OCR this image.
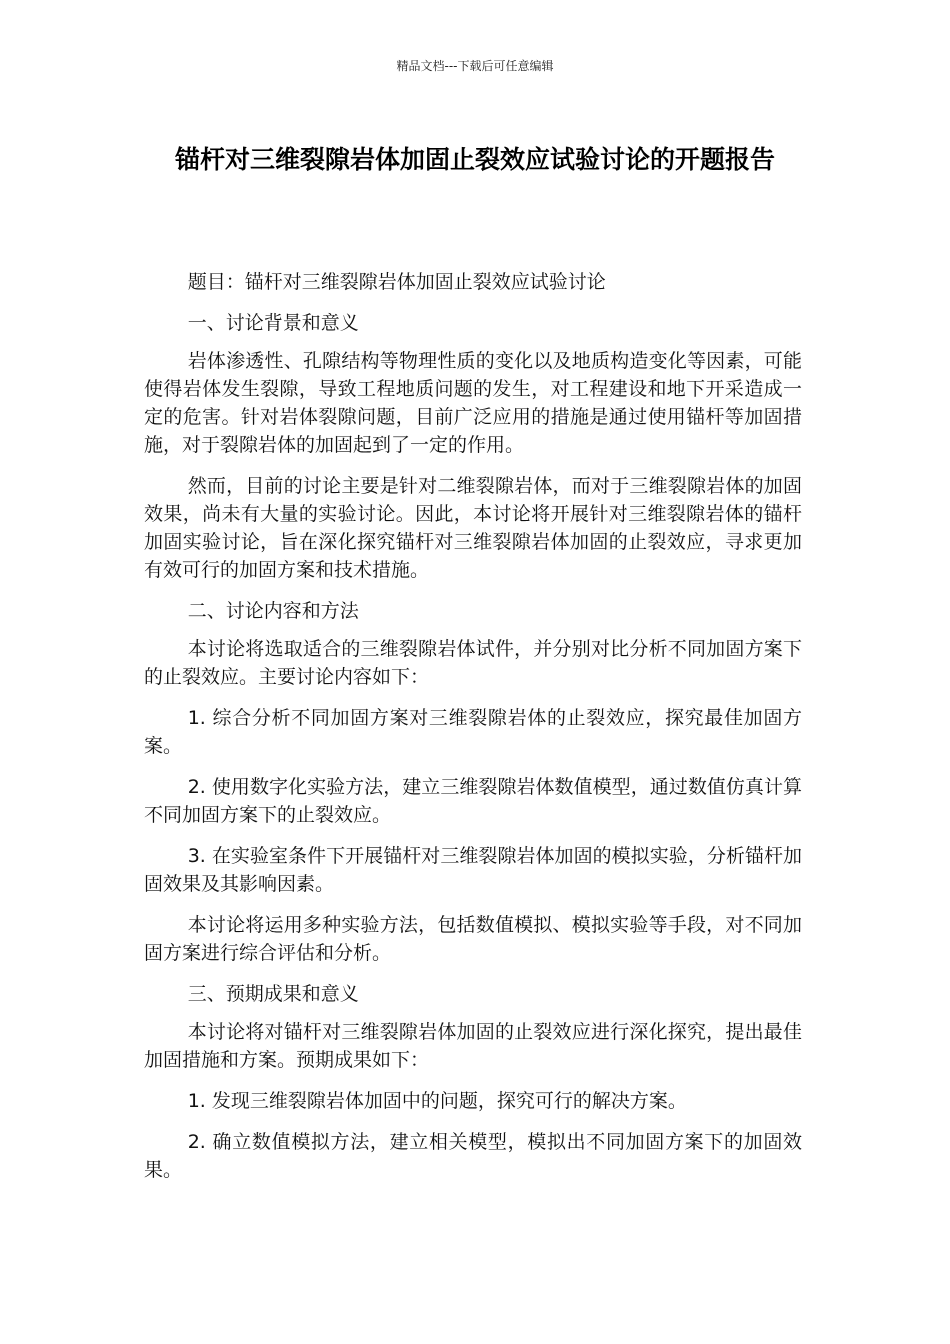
精品文档---下载后可任意编辑
锚杆对三维裂隙岩体加固止裂效应试验讨论的开题报告

题目：锚杆对三维裂隙岩体加固止裂效应试验讨论

一、讨论背景和意义

岩体渗透性、孔隙结构等物理性质的变化以及地质构造变化等因素，可能使得岩体发生裂隙，导致工程地质问题的发生，对工程建设和地下开采造成一定的危害。针对岩体裂隙问题，目前广泛应用的措施是通过使用锚杆等加固措施，对于裂隙岩体的加固起到了一定的作用。

然而，目前的讨论主要是针对二维裂隙岩体，而对于三维裂隙岩体的加固效果，尚未有大量的实验讨论。因此，本讨论将开展针对三维裂隙岩体的锚杆加固实验讨论，旨在深化探究锚杆对三维裂隙岩体加固的止裂效应，寻求更加有效可行的加固方案和技术措施。

二、讨论内容和方法

本讨论将选取适合的三维裂隙岩体试件，并分别对比分析不同加固方案下的止裂效应。主要讨论内容如下：

1. 综合分析不同加固方案对三维裂隙岩体的止裂效应，探究最佳加固方案。

2. 使用数字化实验方法，建立三维裂隙岩体数值模型，通过数值仿真计算不同加固方案下的止裂效应。

3. 在实验室条件下开展锚杆对三维裂隙岩体加固的模拟实验，分析锚杆加固效果及其影响因素。

本讨论将运用多种实验方法，包括数值模拟、模拟实验等手段，对不同加固方案进行综合评估和分析。

三、预期成果和意义

本讨论将对锚杆对三维裂隙岩体加固的止裂效应进行深化探究，提出最佳加固措施和方案。预期成果如下：

1. 发现三维裂隙岩体加固中的问题，探究可行的解决方案。

2. 确立数值模拟方法，建立相关模型，模拟出不同加固方案下的加固效果。
